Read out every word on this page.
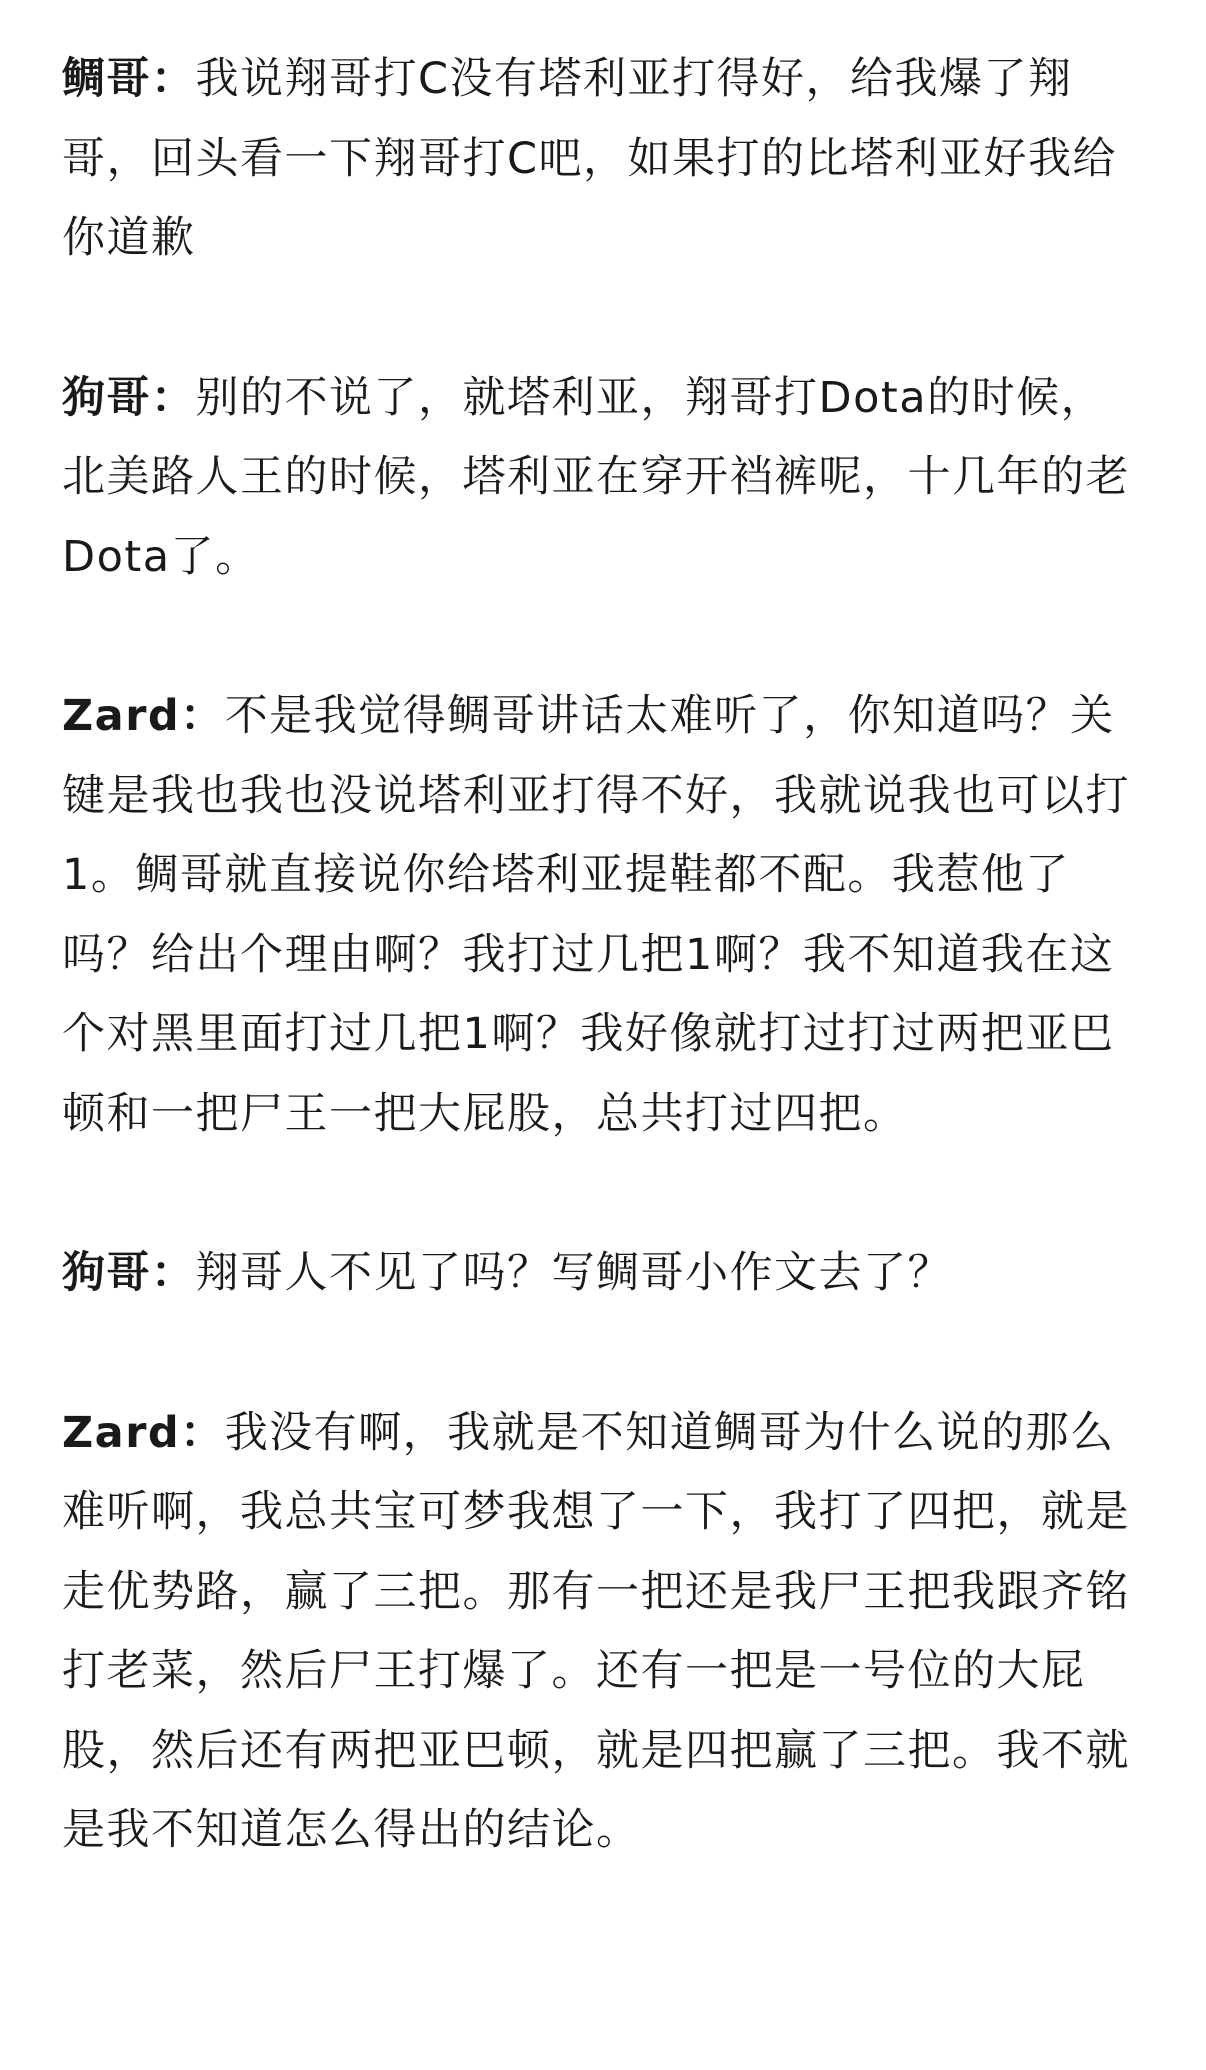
鲷哥：我说翔哥打C没有塔利亚打得好，给我爆了翔哥，回头看一下翔哥打C吧，如果打的比塔利亚好我给你道歉

狗哥：别的不说了，就塔利亚，翔哥打Dota的时候，北美路人王的时候，塔利亚在穿开裆裤呢，十几年的老Dota了。

Zard：不是我觉得鲷哥讲话太难听了，你知道吗？关键是我也我也没说塔利亚打得不好，我就说我也可以打1。鲷哥就直接说你给塔利亚提鞋都不配。我惹他了吗？给出个理由啊？我打过几把1啊？我不知道我在这个对黑里面打过几把1啊？我好像就打过打过两把亚巴顿和一把尸王一把大屁股，总共打过四把。

狗哥：翔哥人不见了吗？写鲷哥小作文去了？

Zard：我没有啊，我就是不知道鲷哥为什么说的那么难听啊，我总共宝可梦我想了一下，我打了四把，就是走优势路，赢了三把。那有一把还是我尸王把我跟齐铭打老菜，然后尸王打爆了。还有一把是一号位的大屁股，然后还有两把亚巴顿，就是四把赢了三把。我不就是我不知道怎么得出的结论。
